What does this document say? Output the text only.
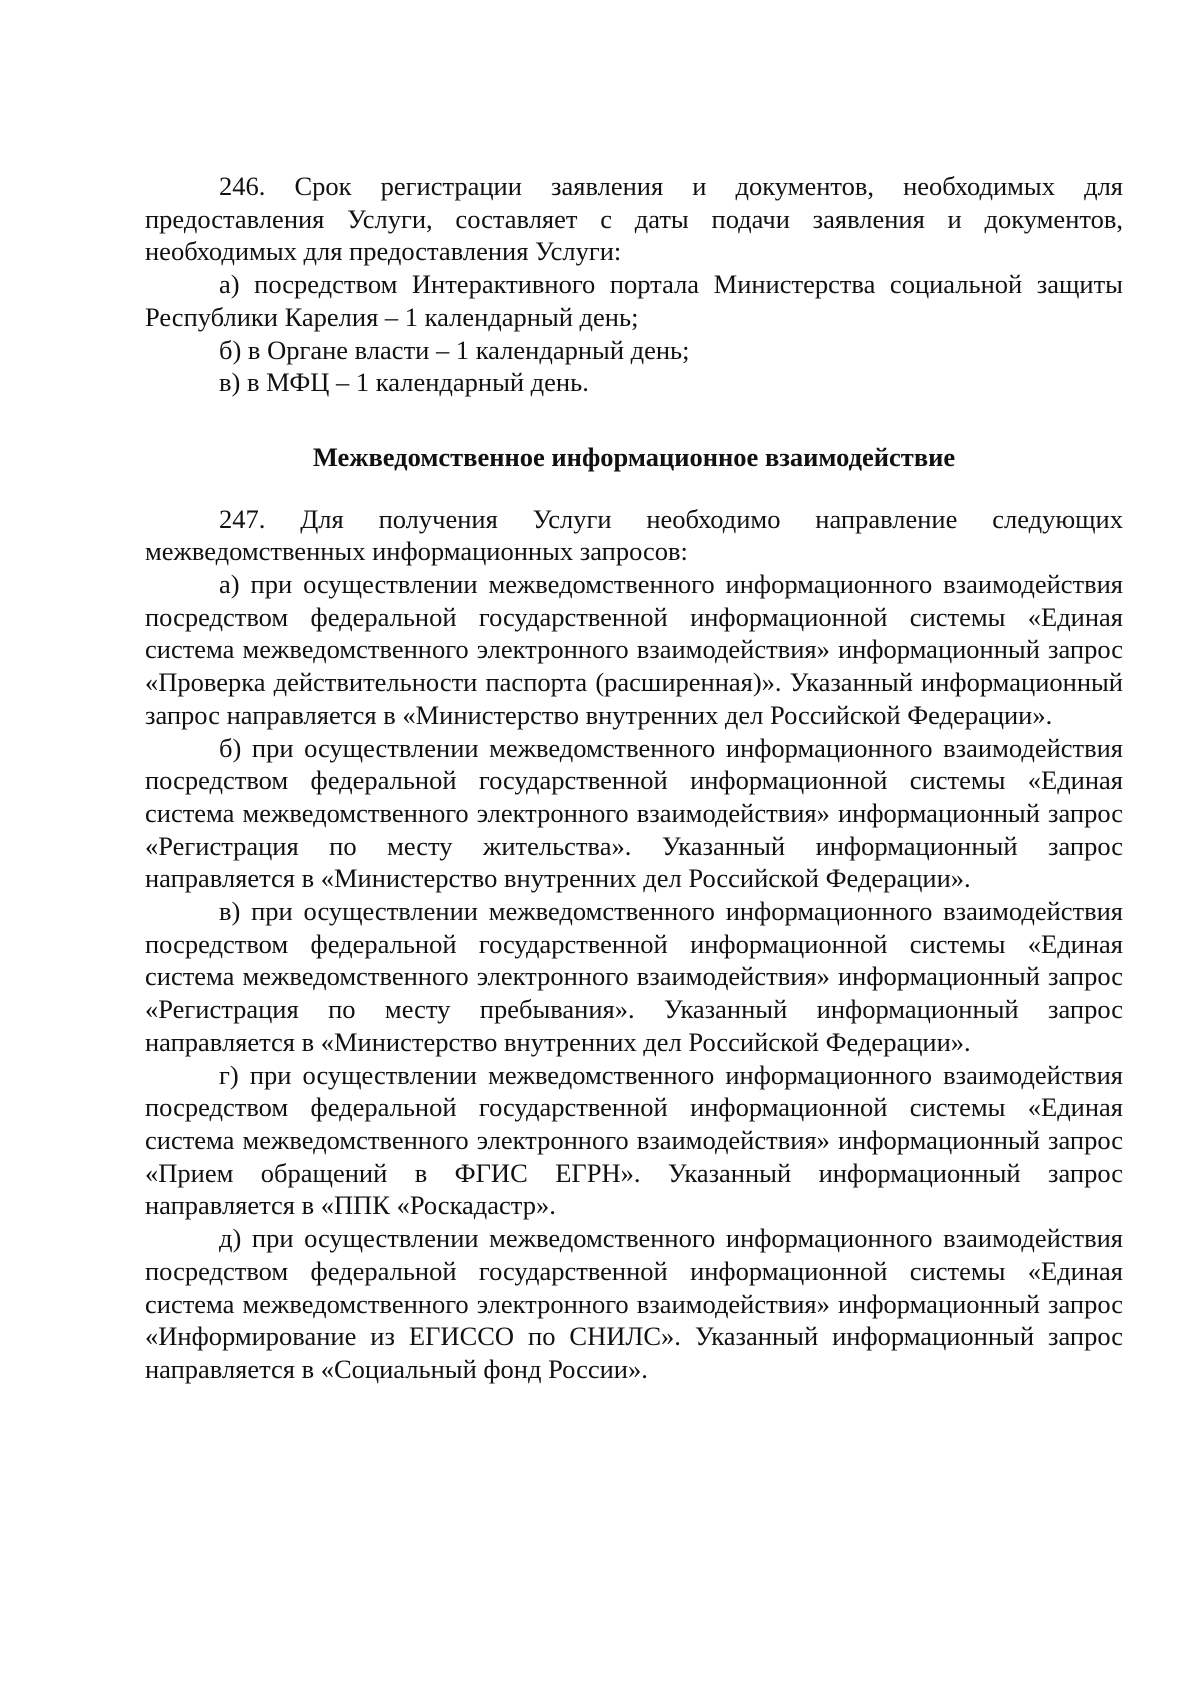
246. Срок регистрации заявления и документов, необходимых для предоставления Услуги, составляет с даты подачи заявления и документов, необходимых для предоставления Услуги:

а) посредством Интерактивного портала Министерства социальной защиты Республики Карелия – 1 календарный день;

б) в Органе власти – 1 календарный день;

в) в МФЦ – 1 календарный день.

Межведомственное информационное взаимодействие

247. Для получения Услуги необходимо направление следующих межведомственных информационных запросов:

а) при осуществлении межведомственного информационного взаимодействия посредством федеральной государственной информационной системы «Единая система межведомственного электронного взаимодействия» информационный запрос «Проверка действительности паспорта (расширенная)». Указанный информационный запрос направляется в «Министерство внутренних дел Российской Федерации».

б) при осуществлении межведомственного информационного взаимодействия посредством федеральной государственной информационной системы «Единая система межведомственного электронного взаимодействия» информационный запрос «Регистрация по месту жительства». Указанный информационный запрос направляется в «Министерство внутренних дел Российской Федерации».

в) при осуществлении межведомственного информационного взаимодействия посредством федеральной государственной информационной системы «Единая система межведомственного электронного взаимодействия» информационный запрос «Регистрация по месту пребывания». Указанный информационный запрос направляется в «Министерство внутренних дел Российской Федерации».

г) при осуществлении межведомственного информационного взаимодействия посредством федеральной государственной информационной системы «Единая система межведомственного электронного взаимодействия» информационный запрос «Прием обращений в ФГИС ЕГРН». Указанный информационный запрос направляется в «ППК «Роскадастр».

д) при осуществлении межведомственного информационного взаимодействия посредством федеральной государственной информационной системы «Единая система межведомственного электронного взаимодействия» информационный запрос «Информирование из ЕГИССО по СНИЛС». Указанный информационный запрос направляется в «Социальный фонд России».
